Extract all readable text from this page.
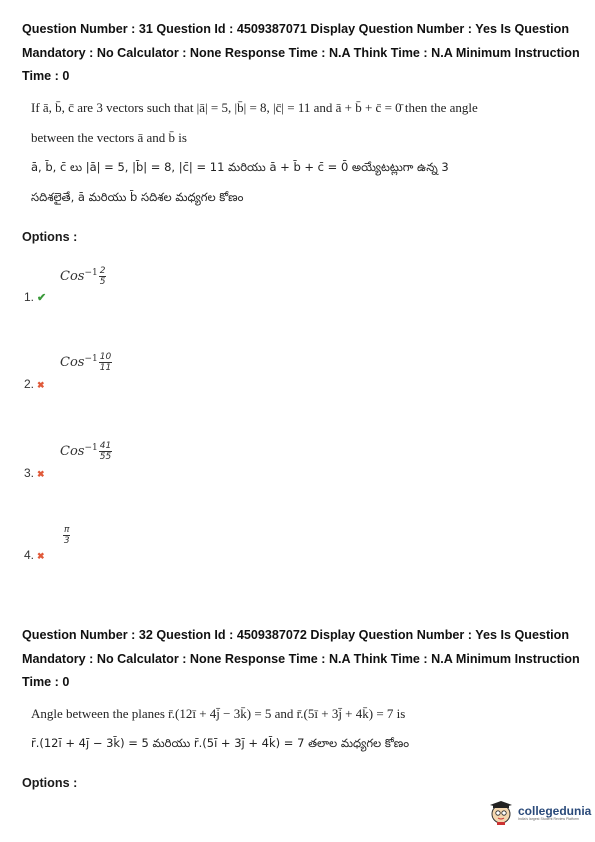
Question Number : 31 Question Id : 4509387071 Display Question Number : Yes Is Question Mandatory : No Calculator : None Response Time : N.A Think Time : N.A Minimum Instruction Time : 0
If ā, b̄, c̄ are 3 vectors such that |ā| = 5, |b̄| = 8, |c̄| = 11 and ā + b̄ + c̄ = 0̄ then the angle
between the vectors ā and b̄ is
ā, b̄, c̄ లు |ā| = 5, |b̄| = 8, |c̄| = 11 మరియు ā + b̄ + c̄ = 0̄ అయ్యేటట్లుగా ఉన్న 3
సదిశలైతే, ā మరియు b̄ సదిశల మధ్యగల కోణం
Options :
$Cos^{-1} \frac{2}{5}$
1. ✔
$Cos^{-1} \frac{10}{11}$
2. ✖
$Cos^{-1} \frac{41}{55}$
3. ✖
$\frac{\pi}{3}$
4. ✖
Question Number : 32 Question Id : 4509387072 Display Question Number : Yes Is Question Mandatory : No Calculator : None Response Time : N.A Think Time : N.A Minimum Instruction Time : 0
Angle between the planes r̄.(12ī + 4j̄ − 3k̄) = 5 and r̄.(5ī + 3j̄ + 4k̄) = 7 is
r̄.(12ī + 4j̄ − 3k̄) = 5 మరియు r̄.(5ī + 3j̄ + 4k̄) = 7 తలాల మధ్యగల కోణం
Options :
collegedunia
India's largest Student Review Platform
